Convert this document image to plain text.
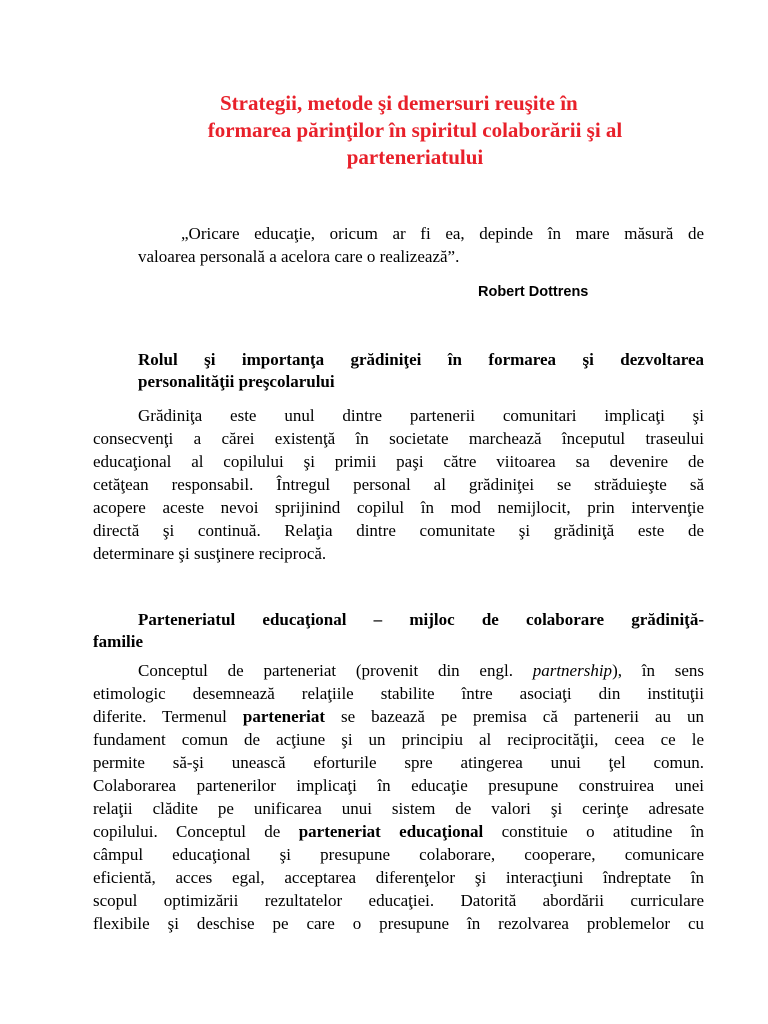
Strategii, metode şi demersuri reuşite în
formarea părinţilor în spiritul colaborării şi al
parteneriatului
„Oricare educaţie, oricum ar fi ea, depinde în mare măsură de
valoarea personală a acelora care o realizează”.
Robert Dottrens
Rolul şi importanţa grădiniţei în formarea şi dezvoltarea
personalităţii preşcolarului
Grădiniţa este unul dintre partenerii comunitari implicaţi şi
consecvenţi a cărei existenţă în societate marchează începutul traseului
educaţional al copilului şi primii paşi către viitoarea sa devenire de
cetăţean responsabil. Întregul personal al grădiniţei se străduieşte să
acopere aceste nevoi sprijinind copilul în mod nemijlocit, prin intervenţie
directă şi continuă. Relaţia dintre comunitate şi grădiniţă este de
determinare şi susţinere reciprocă.
Parteneriatul educaţional – mijloc de colaborare grădiniţă-
familie
Conceptul de parteneriat (provenit din engl. partnership), în sens
etimologic desemnează relaţiile stabilite între asociaţi din instituţii
diferite. Termenul parteneriat se bazează pe premisa că partenerii au un
fundament comun de acţiune şi un principiu al reciprocităţii, ceea ce le
permite să-şi unească eforturile spre atingerea unui ţel comun.
Colaborarea partenerilor implicaţi în educaţie presupune construirea unei
relaţii clădite pe unificarea unui sistem de valori şi cerinţe adresate
copilului. Conceptul de parteneriat educaţional constituie o atitudine în
câmpul educaţional şi presupune colaborare, cooperare, comunicare
eficientă, acces egal, acceptarea diferenţelor şi interacţiuni îndreptate în
scopul optimizării rezultatelor educaţiei. Datorită abordării curriculare
flexibile şi deschise pe care o presupune în rezolvarea problemelor cu
